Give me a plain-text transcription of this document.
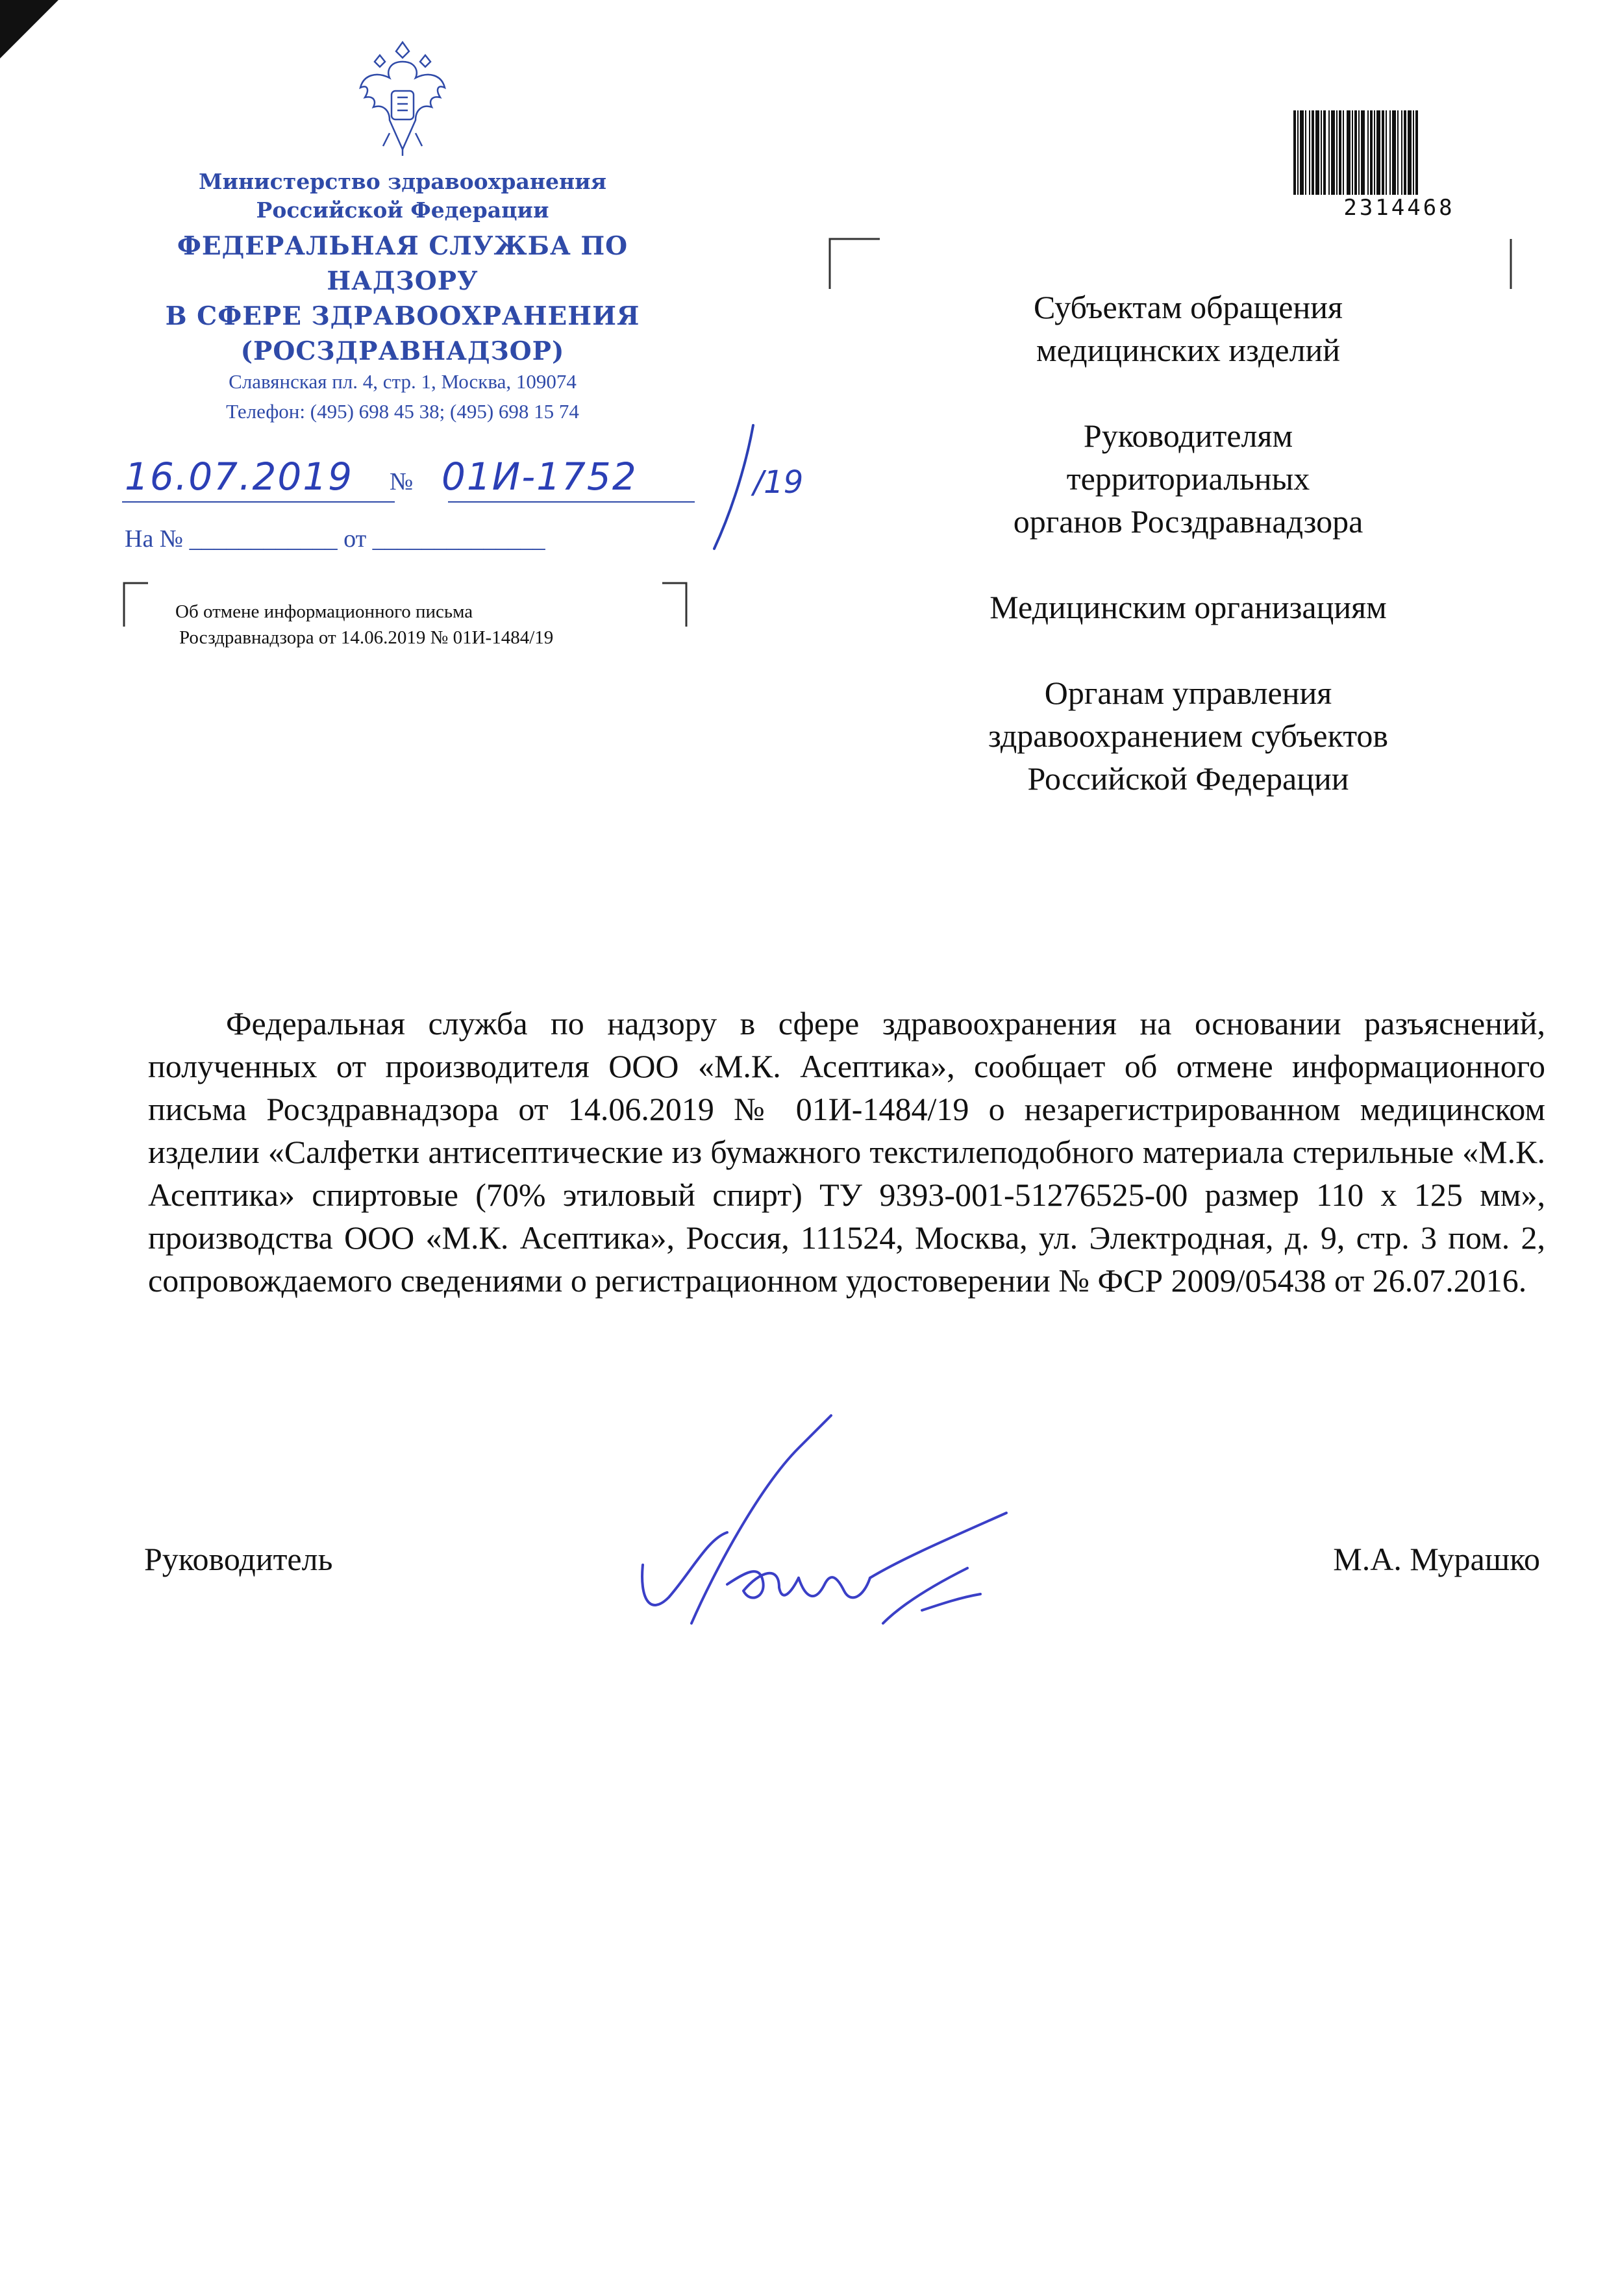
Министерство здравоохранения
Российской Федерации
ФЕДЕРАЛЬНАЯ СЛУЖБА ПО НАДЗОРУ
В СФЕРЕ ЗДРАВООХРАНЕНИЯ
(РОСЗДРАВНАДЗОР)
Славянская пл. 4, стр. 1, Москва, 109074
Телефон: (495) 698 45 38; (495) 698 15 74
16.07.2019 № 01И-1752	/19
На № ____________ от ______________
Об отмене информационного письма
Росздравнадзора от 14.06.2019 № 01И-1484/19
2314468
Субъектам обращения
медицинских изделий
Руководителям
территориальных
органов Росздравнадзора
Медицинским организациям
Органам управления
здравоохранением субъектов
Российской Федерации
Федеральная служба по надзору в сфере здравоохранения на основании разъяснений, полученных от производителя ООО «М.К. Асептика», сообщает об отмене информационного письма Росздравнадзора от 14.06.2019 № 01И-1484/19 о незарегистрированном медицинском изделии «Салфетки антисептические из бумажного текстилеподобного материала стерильные «М.К. Асептика» спиртовые (70% этиловый спирт) ТУ 9393-001-51276525-00 размер 110 х 125 мм», производства ООО «М.К. Асептика», Россия, 111524, Москва, ул. Электродная, д. 9, стр. 3 пом. 2, сопровождаемого сведениями о регистрационном удостоверении № ФСР 2009/05438 от 26.07.2016.
Руководитель	М.А. Мурашко
